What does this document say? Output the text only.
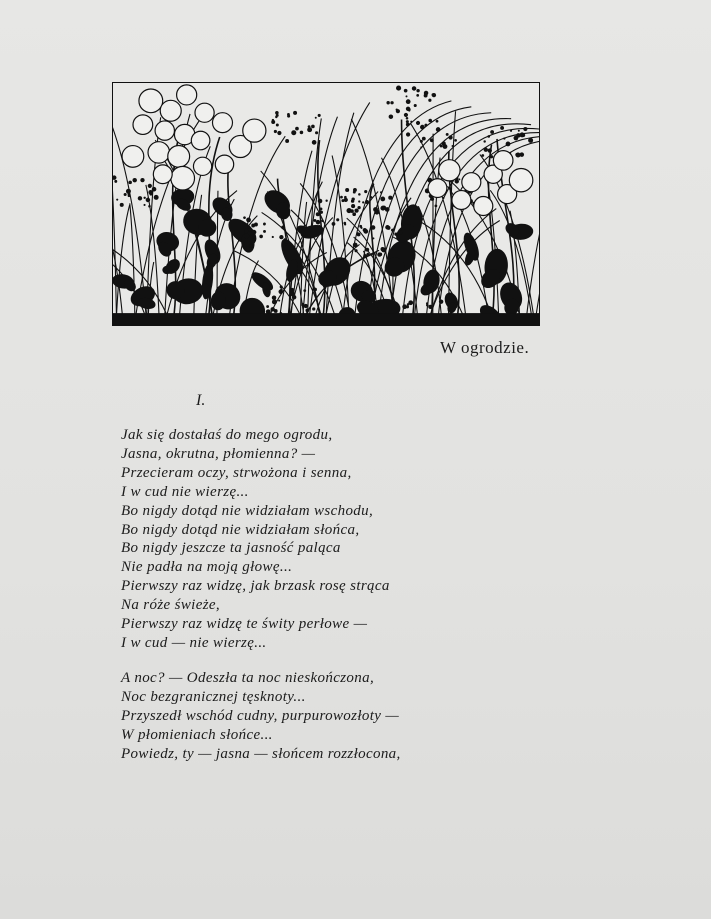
W ogrodzie.
I.
Jak się dostałaś do mego ogrodu,
Jasna, okrutna, płomienna? —
Przecieram oczy, strwożona i senna,
I w cud nie wierzę...
Bo nigdy dotąd nie widziałam wschodu,
Bo nigdy dotąd nie widziałam słońca,
Bo nigdy jeszcze ta jasność paląca
Nie padła na moją głowę...
Pierwszy raz widzę, jak brzask rosę strąca
Na róże świeże,
Pierwszy raz widzę te świty perłowe —
I w cud — nie wierzę...
A noc? — Odeszła ta noc nieskończona,
Noc bezgranicznej tęsknoty...
Przyszedł wschód cudny, purpurowozłoty —
W płomieniach słońce...
Powiedz, ty — jasna — słońcem rozzłocona,
